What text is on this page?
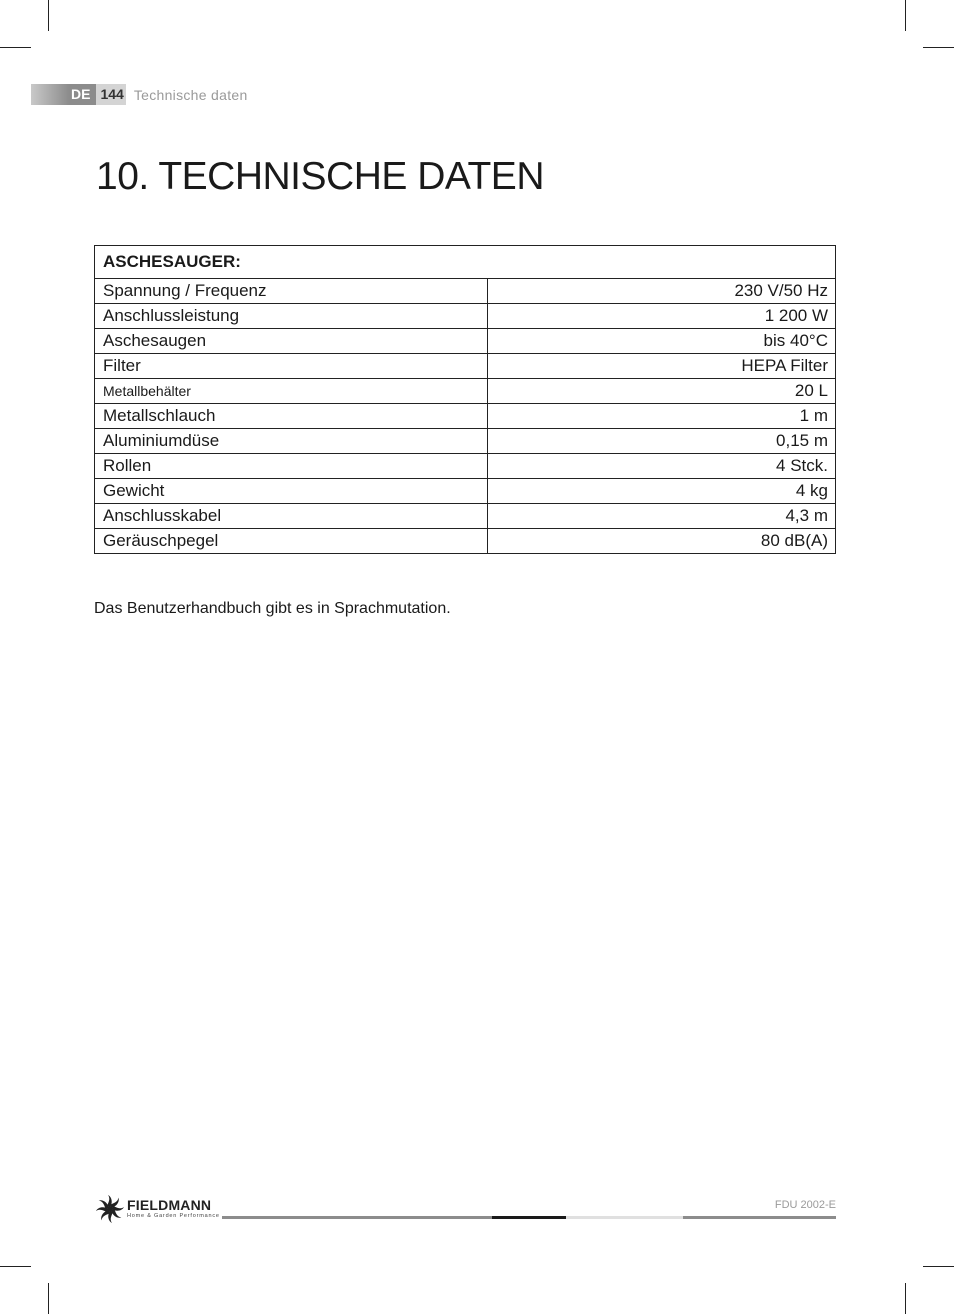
DE 144 Technische daten
10. TECHNISCHE DATEN
ASCHESAUGER:	
Spannung / Frequenz	230 V/50 Hz
Anschlussleistung	1 200 W
Aschesaugen	bis 40°C
Filter	HEPA Filter
Metallbehälter	20 L
Metallschlauch	1 m
Aluminiumdüse	0,15 m
Rollen	4 Stck.
Gewicht	4 kg
Anschlusskabel	4,3 m
Geräuschpegel	80 dB(A)
Das Benutzerhandbuch gibt es in Sprachmutation.
FIELDMANN
Home & Garden Performance
FDU 2002-E
